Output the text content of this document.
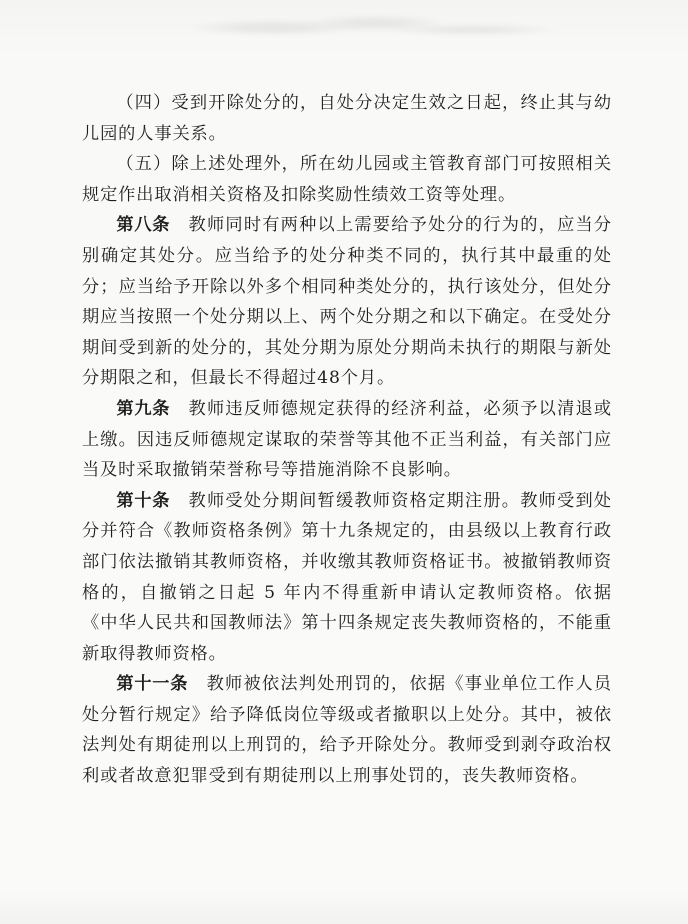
（四）受到开除处分的，自处分决定生效之日起，终止其与幼儿园的人事关系。

（五）除上述处理外，所在幼儿园或主管教育部门可按照相关规定作出取消相关资格及扣除奖励性绩效工资等处理。

第八条 教师同时有两种以上需要给予处分的行为的，应当分别确定其处分。应当给予的处分种类不同的，执行其中最重的处分；应当给予开除以外多个相同种类处分的，执行该处分，但处分期应当按照一个处分期以上、两个处分期之和以下确定。在受处分期间受到新的处分的，其处分期为原处分期尚未执行的期限与新处分期限之和，但最长不得超过48个月。

第九条 教师违反师德规定获得的经济利益，必须予以清退或上缴。因违反师德规定谋取的荣誉等其他不正当利益，有关部门应当及时采取撤销荣誉称号等措施消除不良影响。

第十条 教师受处分期间暂缓教师资格定期注册。教师受到处分并符合《教师资格条例》第十九条规定的，由县级以上教育行政部门依法撤销其教师资格，并收缴其教师资格证书。被撤销教师资格的，自撤销之日起 5 年内不得重新申请认定教师资格。依据《中华人民共和国教师法》第十四条规定丧失教师资格的，不能重新取得教师资格。

第十一条 教师被依法判处刑罚的，依据《事业单位工作人员处分暂行规定》给予降低岗位等级或者撤职以上处分。其中，被依法判处有期徒刑以上刑罚的，给予开除处分。教师受到剥夺政治权利或者故意犯罪受到有期徒刑以上刑事处罚的，丧失教师资格。
